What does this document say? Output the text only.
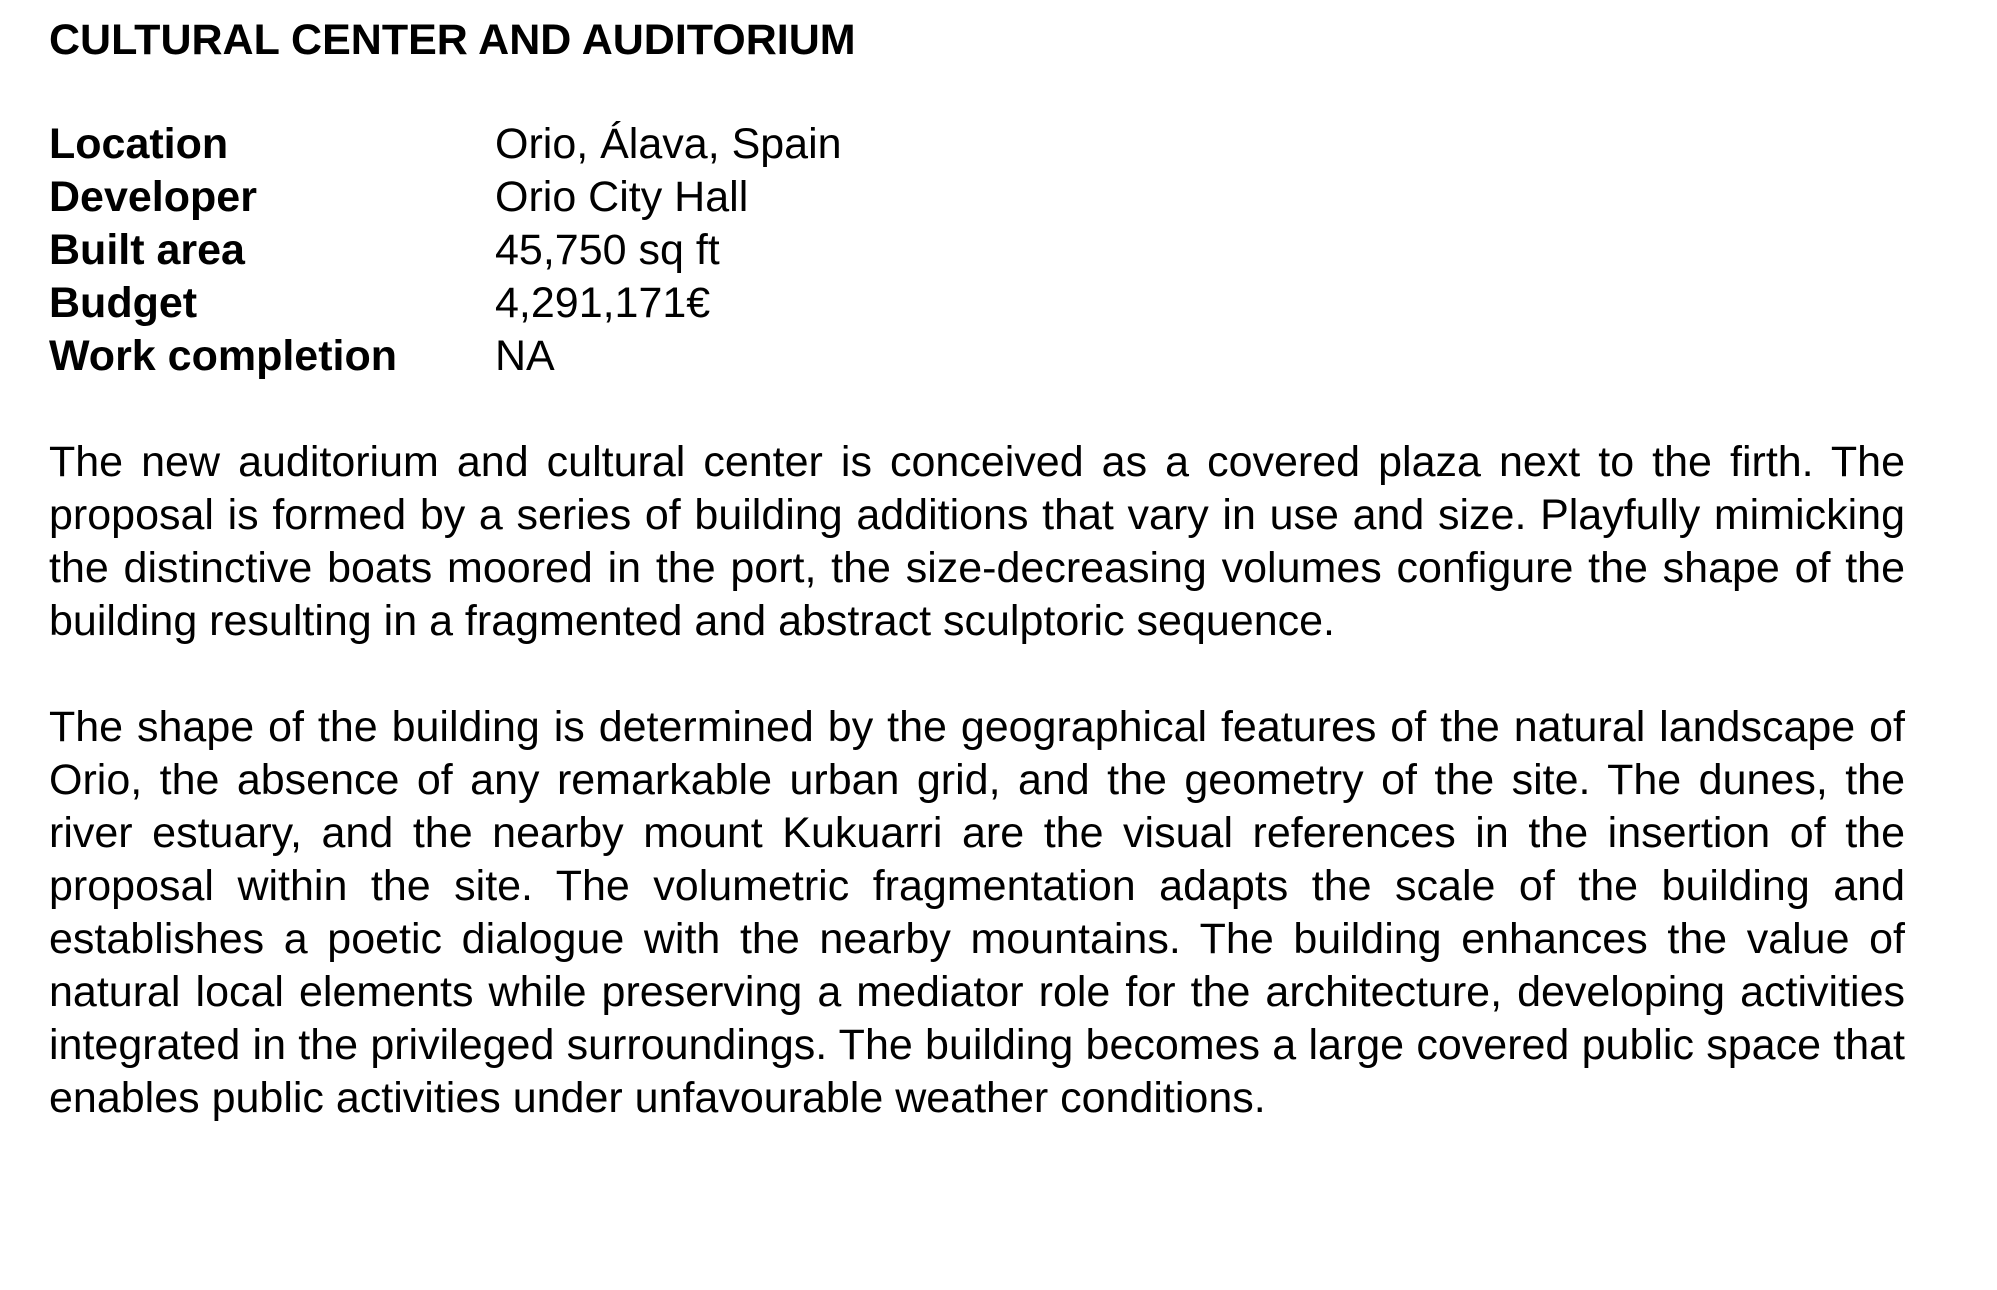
CULTURAL CENTER AND AUDITORIUM
Location	Orio, Álava, Spain
Developer	Orio City Hall
Built area	45,750 sq ft
Budget	4,291,171€
Work completion	NA

The new auditorium and cultural center is conceived as a covered plaza next to the firth. The proposal is formed by a series of building additions that vary in use and size. Playfully mimicking the distinctive boats moored in the port, the size-decreasing volumes configure the shape of the building resulting in a fragmented and abstract sculptoric sequence.

The shape of the building is determined by the geographical features of the natural landscape of Orio, the absence of any remarkable urban grid, and the geometry of the site. The dunes, the river estuary, and the nearby mount Kukuarri are the visual references in the insertion of the proposal within the site. The volumetric fragmentation adapts the scale of the building and establishes a poetic dialogue with the nearby mountains. The building enhances the value of natural local elements while preserving a mediator role for the architecture, developing activities integrated in the privileged surroundings. The building becomes a large covered public space that enables public activities under unfavourable weather conditions.
